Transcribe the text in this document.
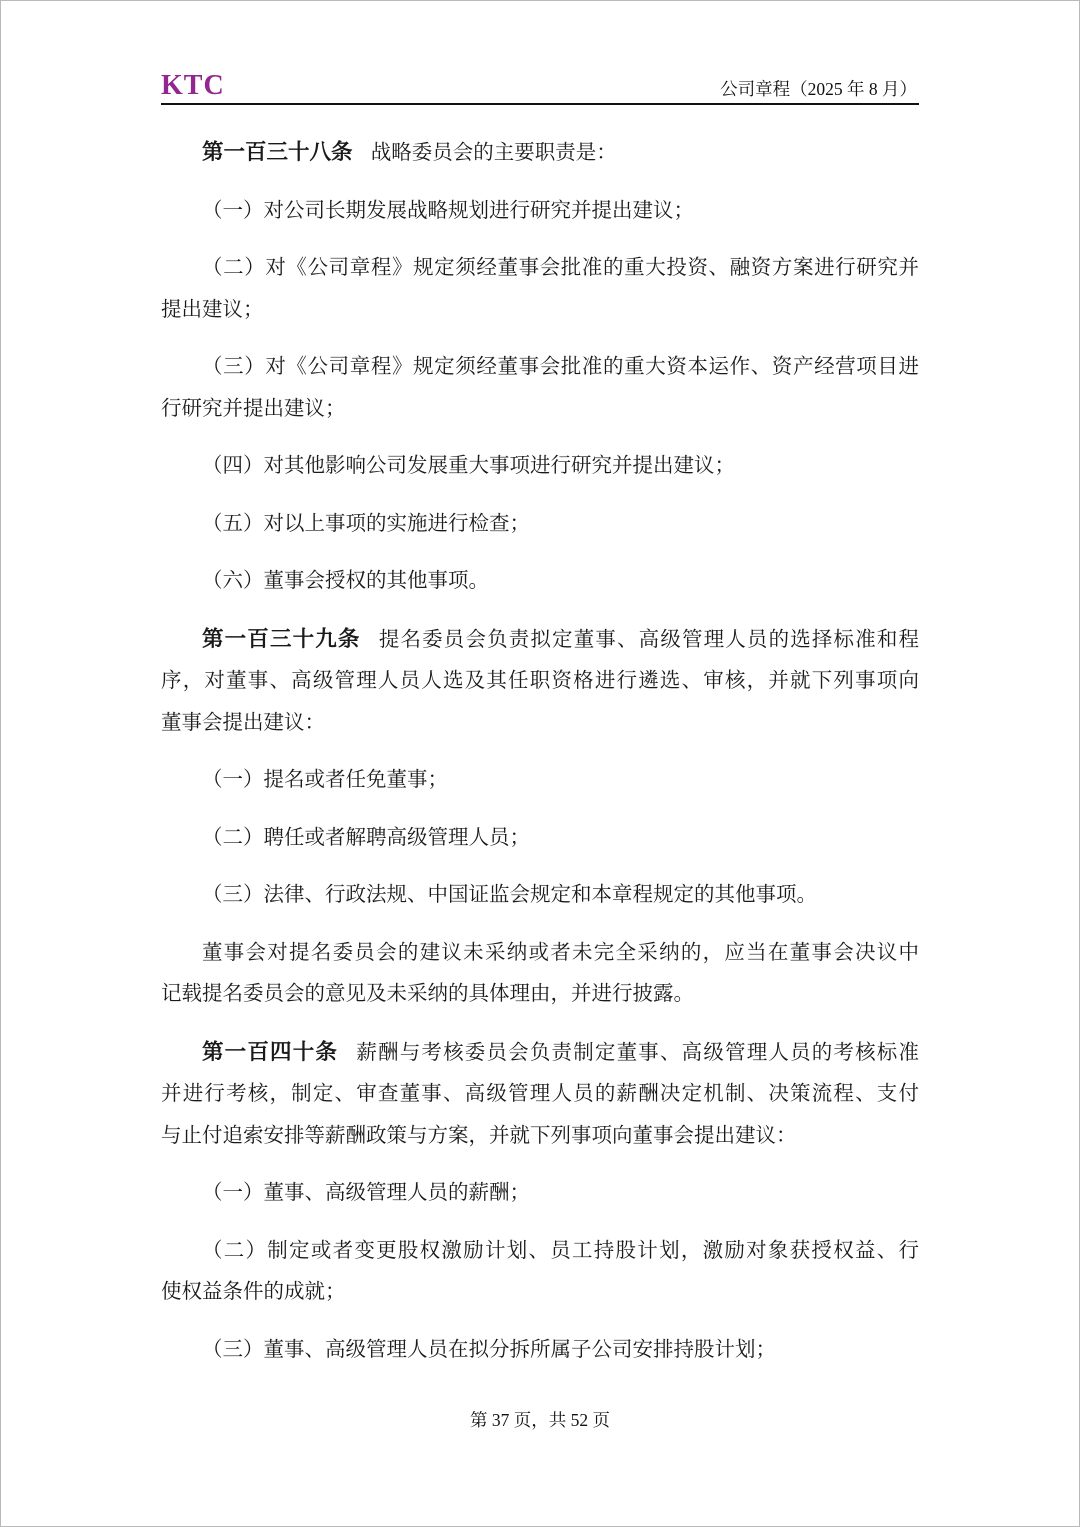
KTC	公司章程（2025 年 8 月）
第一百三十八条 战略委员会的主要职责是：
（一）对公司长期发展战略规划进行研究并提出建议；
（二）对《公司章程》规定须经董事会批准的重大投资、融资方案进行研究并
提出建议；
（三）对《公司章程》规定须经董事会批准的重大资本运作、资产经营项目进
行研究并提出建议；
（四）对其他影响公司发展重大事项进行研究并提出建议；
（五）对以上事项的实施进行检查；
（六）董事会授权的其他事项。
第一百三十九条 提名委员会负责拟定董事、高级管理人员的选择标准和程
序，对董事、高级管理人员人选及其任职资格进行遴选、审核，并就下列事项向
董事会提出建议：
（一）提名或者任免董事；
（二）聘任或者解聘高级管理人员；
（三）法律、行政法规、中国证监会规定和本章程规定的其他事项。
董事会对提名委员会的建议未采纳或者未完全采纳的，应当在董事会决议中
记载提名委员会的意见及未采纳的具体理由，并进行披露。
第一百四十条 薪酬与考核委员会负责制定董事、高级管理人员的考核标准
并进行考核，制定、审查董事、高级管理人员的薪酬决定机制、决策流程、支付
与止付追索安排等薪酬政策与方案，并就下列事项向董事会提出建议：
（一）董事、高级管理人员的薪酬；
（二）制定或者变更股权激励计划、员工持股计划，激励对象获授权益、行
使权益条件的成就；
（三）董事、高级管理人员在拟分拆所属子公司安排持股计划；
第 37 页，共 52 页
